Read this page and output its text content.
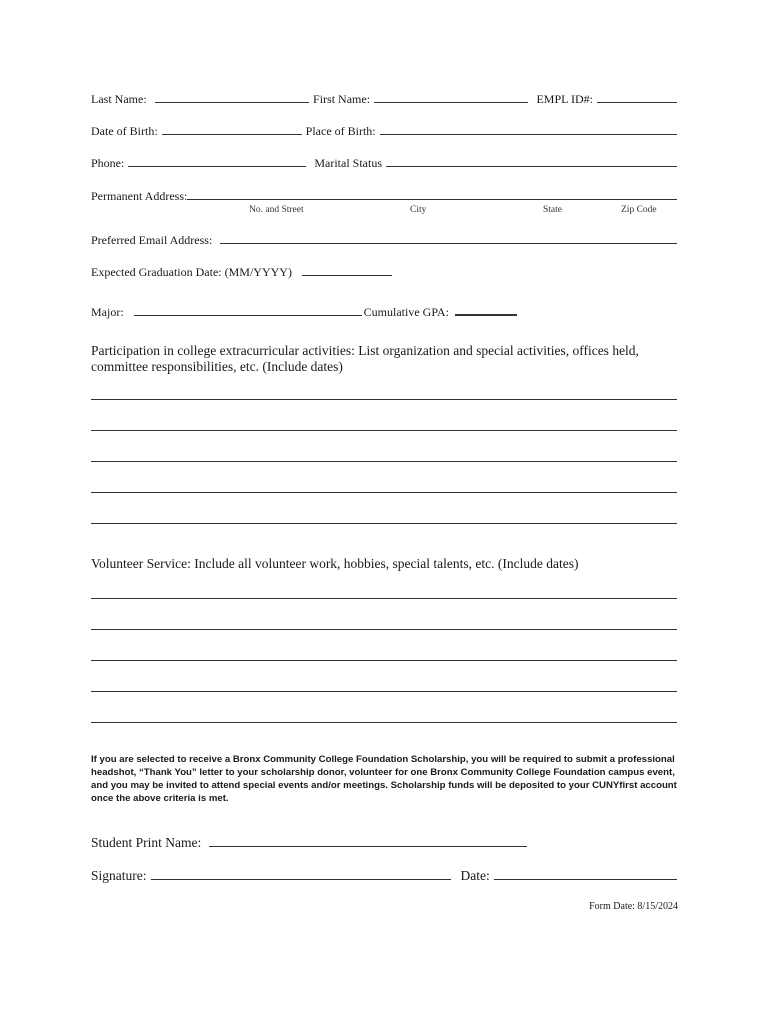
Last Name:	First Name:	EMPL ID#:
Date of Birth:	Place of Birth:
Phone:	Marital Status
Permanent Address:
No. and Street	City	State	Zip Code
Preferred Email Address:
Expected Graduation Date: (MM/YYYY)
Major:	Cumulative GPA:
Participation in college extracurricular activities: List organization and special activities, offices held, committee responsibilities, etc. (Include dates)
Volunteer Service: Include all volunteer work, hobbies, special talents, etc. (Include dates)
If you are selected to receive a Bronx Community College Foundation Scholarship, you will be required to submit a professional headshot, “Thank You” letter to your scholarship donor, volunteer for one Bronx Community College Foundation campus event, and you may be invited to attend special events and/or meetings. Scholarship funds will be deposited to your CUNYfirst account once the above criteria is met.
Student Print Name:
Signature:	Date:
Form Date: 8/15/2024
